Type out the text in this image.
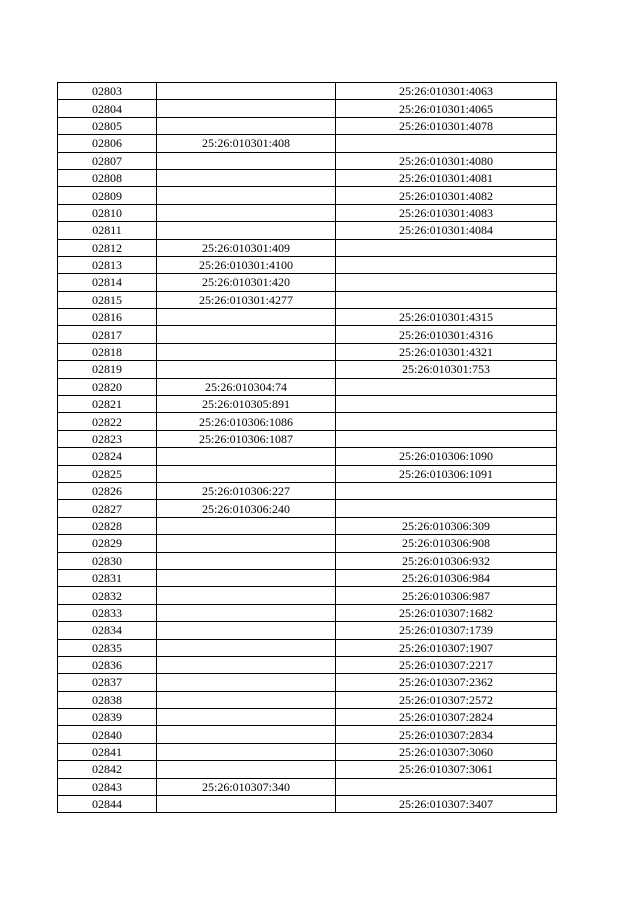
02803		25:26:010301:4063
02804		25:26:010301:4065
02805		25:26:010301:4078
02806	25:26:010301:408	
02807		25:26:010301:4080
02808		25:26:010301:4081
02809		25:26:010301:4082
02810		25:26:010301:4083
02811		25:26:010301:4084
02812	25:26:010301:409	
02813	25:26:010301:4100	
02814	25:26:010301:420	
02815	25:26:010301:4277	
02816		25:26:010301:4315
02817		25:26:010301:4316
02818		25:26:010301:4321
02819		25:26:010301:753
02820	25:26:010304:74	
02821	25:26:010305:891	
02822	25:26:010306:1086	
02823	25:26:010306:1087	
02824		25:26:010306:1090
02825		25:26:010306:1091
02826	25:26:010306:227	
02827	25:26:010306:240	
02828		25:26:010306:309
02829		25:26:010306:908
02830		25:26:010306:932
02831		25:26:010306:984
02832		25:26:010306:987
02833		25:26:010307:1682
02834		25:26:010307:1739
02835		25:26:010307:1907
02836		25:26:010307:2217
02837		25:26:010307:2362
02838		25:26:010307:2572
02839		25:26:010307:2824
02840		25:26:010307:2834
02841		25:26:010307:3060
02842		25:26:010307:3061
02843	25:26:010307:340	
02844		25:26:010307:3407
